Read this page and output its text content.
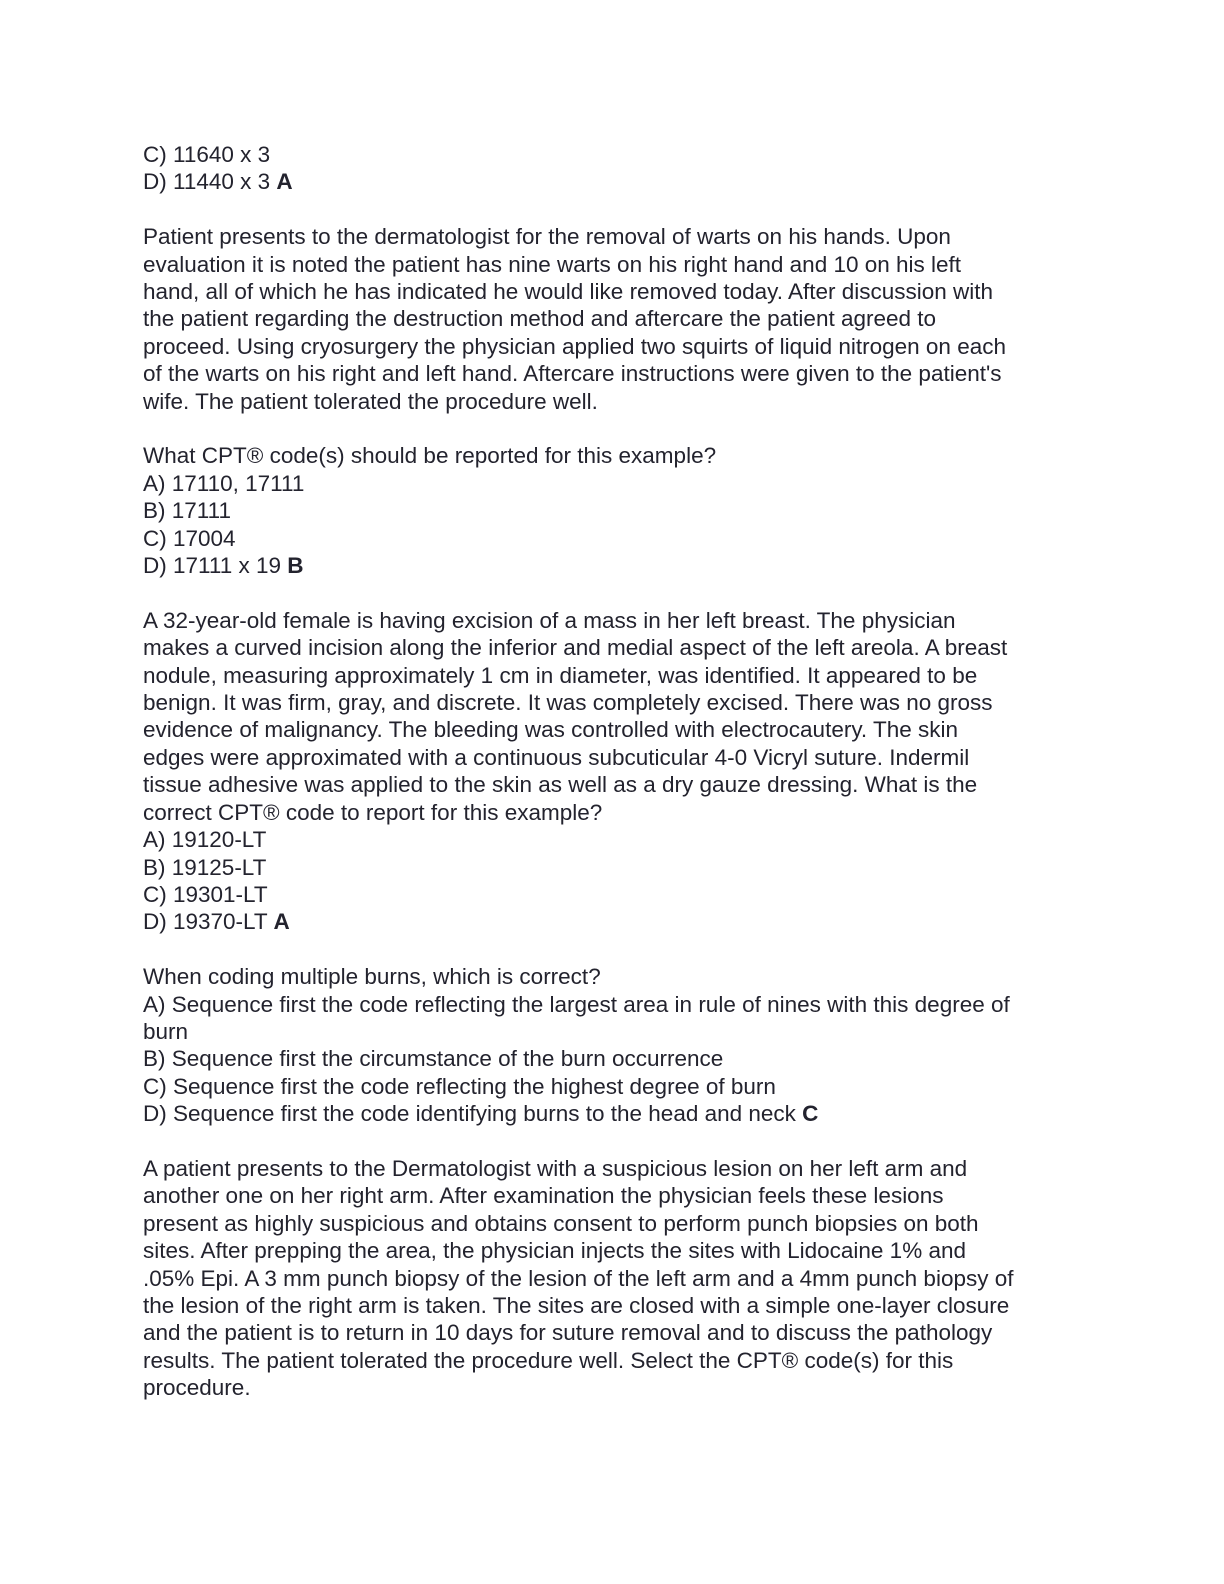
C) 11640 x 3
D) 11440 x 3 A
Patient presents to the dermatologist for the removal of warts on his hands. Upon
evaluation it is noted the patient has nine warts on his right hand and 10 on his left
hand, all of which he has indicated he would like removed today. After discussion with
the patient regarding the destruction method and aftercare the patient agreed to
proceed. Using cryosurgery the physician applied two squirts of liquid nitrogen on each
of the warts on his right and left hand. Aftercare instructions were given to the patient's
wife. The patient tolerated the procedure well.
What CPT® code(s) should be reported for this example?
A) 17110, 17111
B) 17111
C) 17004
D) 17111 x 19 B
A 32-year-old female is having excision of a mass in her left breast. The physician
makes a curved incision along the inferior and medial aspect of the left areola. A breast
nodule, measuring approximately 1 cm in diameter, was identified. It appeared to be
benign. It was firm, gray, and discrete. It was completely excised. There was no gross
evidence of malignancy. The bleeding was controlled with electrocautery. The skin
edges were approximated with a continuous subcuticular 4-0 Vicryl suture. Indermil
tissue adhesive was applied to the skin as well as a dry gauze dressing. What is the
correct CPT® code to report for this example?
A) 19120-LT
B) 19125-LT
C) 19301-LT
D) 19370-LT A
When coding multiple burns, which is correct?
A) Sequence first the code reflecting the largest area in rule of nines with this degree of
burn
B) Sequence first the circumstance of the burn occurrence
C) Sequence first the code reflecting the highest degree of burn
D) Sequence first the code identifying burns to the head and neck C
A patient presents to the Dermatologist with a suspicious lesion on her left arm and
another one on her right arm. After examination the physician feels these lesions
present as highly suspicious and obtains consent to perform punch biopsies on both
sites. After prepping the area, the physician injects the sites with Lidocaine 1% and
.05% Epi. A 3 mm punch biopsy of the lesion of the left arm and a 4mm punch biopsy of
the lesion of the right arm is taken. The sites are closed with a simple one-layer closure
and the patient is to return in 10 days for suture removal and to discuss the pathology
results. The patient tolerated the procedure well. Select the CPT® code(s) for this
procedure.
